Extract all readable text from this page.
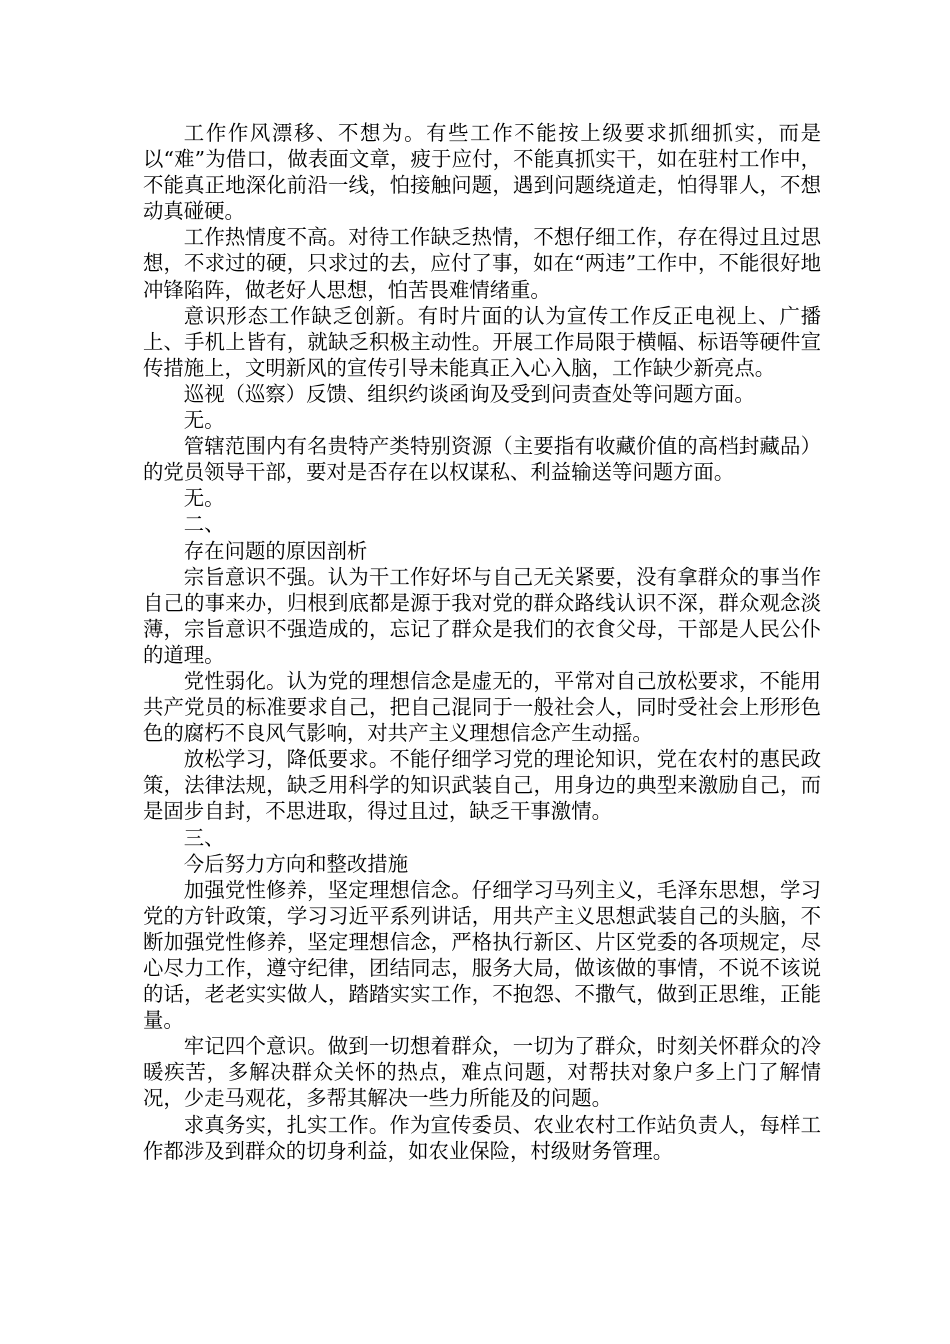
工作作风漂移、不想为。有些工作不能按上级要求抓细抓实，而是以“难”为借口，做表面文章，疲于应付，不能真抓实干，如在驻村工作中，不能真正地深化前沿一线，怕接触问题，遇到问题绕道走，怕得罪人，不想动真碰硬。

工作热情度不高。对待工作缺乏热情，不想仔细工作，存在得过且过思想，不求过的硬，只求过的去，应付了事，如在“两违”工作中，不能很好地冲锋陷阵，做老好人思想，怕苦畏难情绪重。

意识形态工作缺乏创新。有时片面的认为宣传工作反正电视上、广播上、手机上皆有，就缺乏积极主动性。开展工作局限于横幅、标语等硬件宣传措施上，文明新风的宣传引导未能真正入心入脑，工作缺少新亮点。

巡视（巡察）反馈、组织约谈函询及受到问责查处等问题方面。

无。

管辖范围内有名贵特产类特别资源（主要指有收藏价值的高档封藏品）的党员领导干部，要对是否存在以权谋私、利益输送等问题方面。

无。

二、

存在问题的原因剖析

宗旨意识不强。认为干工作好坏与自己无关紧要，没有拿群众的事当作自己的事来办，归根到底都是源于我对党的群众路线认识不深，群众观念淡薄，宗旨意识不强造成的，忘记了群众是我们的衣食父母，干部是人民公仆的道理。

党性弱化。认为党的理想信念是虚无的，平常对自己放松要求，不能用共产党员的标准要求自己，把自己混同于一般社会人，同时受社会上形形色色的腐朽不良风气影响，对共产主义理想信念产生动摇。

放松学习，降低要求。不能仔细学习党的理论知识，党在农村的惠民政策，法律法规，缺乏用科学的知识武装自己，用身边的典型来激励自己，而是固步自封，不思进取，得过且过，缺乏干事激情。

三、

今后努力方向和整改措施

加强党性修养，坚定理想信念。仔细学习马列主义，毛泽东思想，学习党的方针政策，学习习近平系列讲话，用共产主义思想武装自己的头脑，不断加强党性修养，坚定理想信念，严格执行新区、片区党委的各项规定，尽心尽力工作，遵守纪律，团结同志，服务大局，做该做的事情，不说不该说的话，老老实实做人，踏踏实实工作，不抱怨、不撒气，做到正思维，正能量。

牢记四个意识。做到一切想着群众，一切为了群众，时刻关怀群众的冷暖疾苦，多解决群众关怀的热点，难点问题，对帮扶对象户多上门了解情况，少走马观花，多帮其解决一些力所能及的问题。

求真务实，扎实工作。作为宣传委员、农业农村工作站负责人，每样工作都涉及到群众的切身利益，如农业保险，村级财务管理。
